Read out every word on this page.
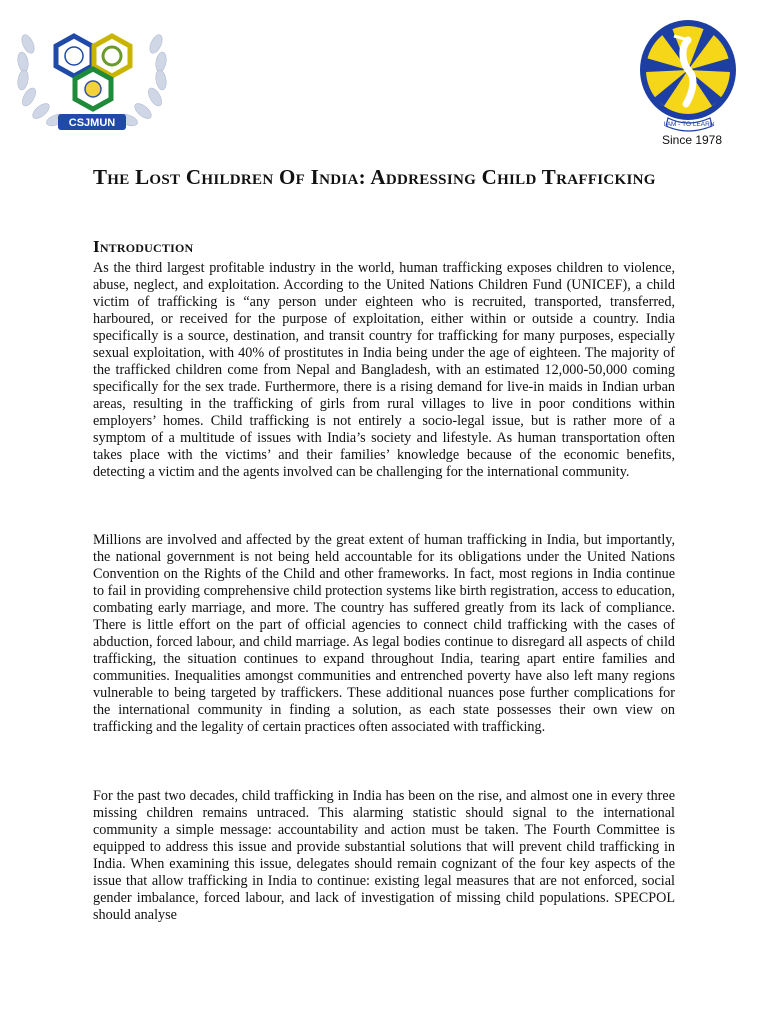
CSJMUN	I AM - TO LEARN
Since 1978
The Lost Children Of India: Addressing Child Trafficking
Introduction

As the third largest profitable industry in the world, human trafficking exposes children to violence, abuse, neglect, and exploitation. According to the United Nations Children Fund (UNICEF), a child victim of trafficking is “any person under eighteen who is recruited, transported, transferred, harboured, or received for the purpose of exploitation, either within or outside a country. India specifically is a source, destination, and transit country for trafficking for many purposes, especially sexual exploitation, with 40% of prostitutes in India being under the age of eighteen. The majority of the trafficked children come from Nepal and Bangladesh, with an estimated 12,000-50,000 coming specifically for the sex trade. Furthermore, there is a rising demand for live-in maids in Indian urban areas, resulting in the trafficking of girls from rural villages to live in poor conditions within employers’ homes. Child trafficking is not entirely a socio-legal issue, but is rather more of a symptom of a multitude of issues with India’s society and lifestyle. As human transportation often takes place with the victims’ and their families’ knowledge because of the economic benefits, detecting a victim and the agents involved can be challenging for the international community.

Millions are involved and affected by the great extent of human trafficking in India, but importantly, the national government is not being held accountable for its obligations under the United Nations Convention on the Rights of the Child and other frameworks. In fact, most regions in India continue to fail in providing comprehensive child protection systems like birth registration, access to education, combating early marriage, and more. The country has suffered greatly from its lack of compliance. There is little effort on the part of official agencies to connect child trafficking with the cases of abduction, forced labour, and child marriage. As legal bodies continue to disregard all aspects of child trafficking, the situation continues to expand throughout India, tearing apart entire families and communities. Inequalities amongst communities and entrenched poverty have also left many regions vulnerable to being targeted by traffickers. These additional nuances pose further complications for the international community in finding a solution, as each state possesses their own view on trafficking and the legality of certain practices often associated with trafficking.

For the past two decades, child trafficking in India has been on the rise, and almost one in every three missing children remains untraced. This alarming statistic should signal to the international community a simple message: accountability and action must be taken. The Fourth Committee is equipped to address this issue and provide substantial solutions that will prevent child trafficking in India. When examining this issue, delegates should remain cognizant of the four key aspects of the issue that allow trafficking in India to continue: existing legal measures that are not enforced, social gender imbalance, forced labour, and lack of investigation of missing child populations. SPECPOL should analyse
